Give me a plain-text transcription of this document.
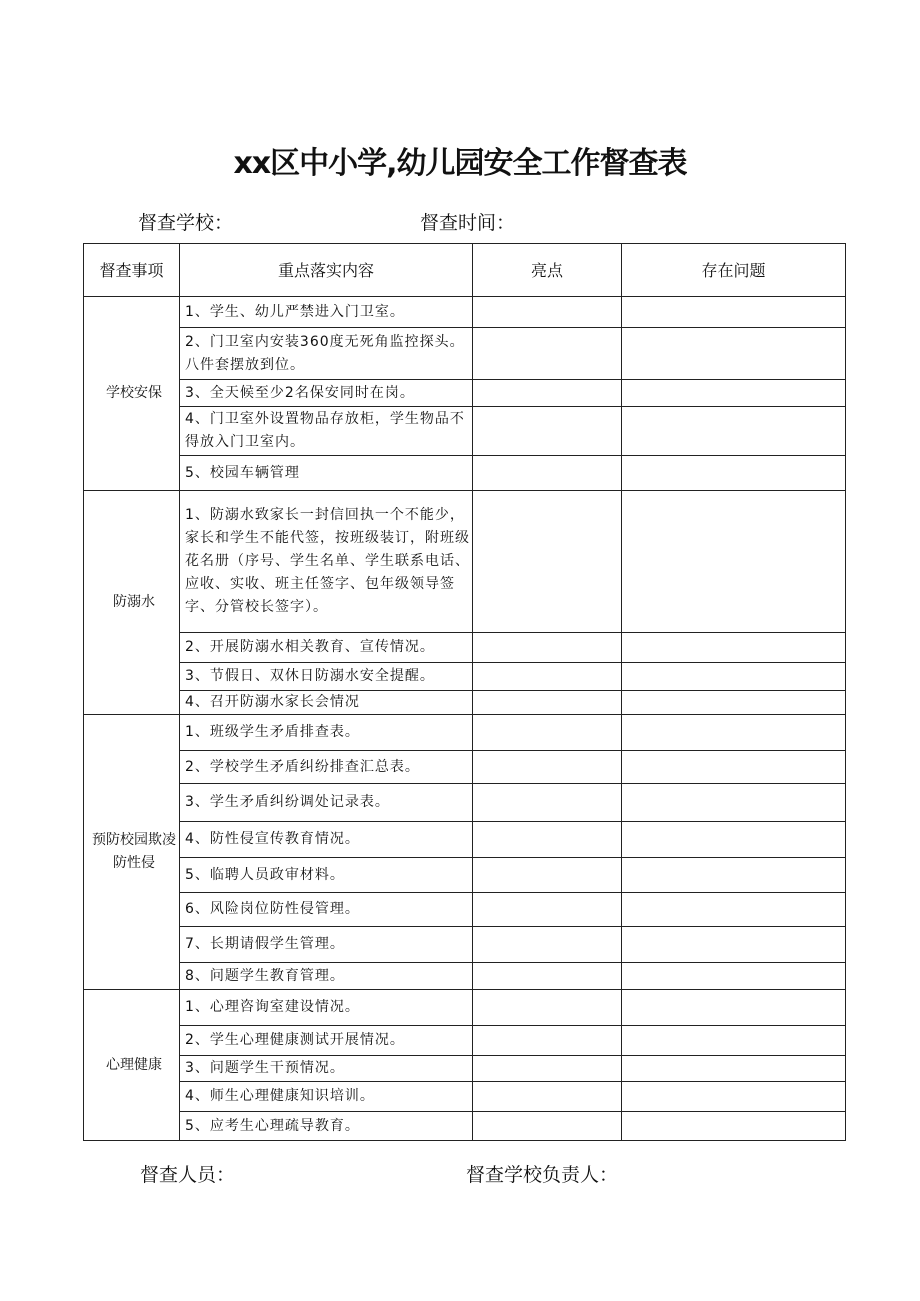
xx区中小学,幼儿园安全工作督查表
督查学校：	督查时间：
督查事项	重点落实内容	亮点	存在问题
学校安保	1、学生、幼儿严禁进入门卫室。		
	2、门卫室内安装360度无死角监控探头。八件套摆放到位。		
	3、全天候至少2名保安同时在岗。		
	4、门卫室外设置物品存放柜，学生物品不得放入门卫室内。		
	5、校园车辆管理		
防溺水	1、防溺水致家长一封信回执一个不能少，家长和学生不能代签，按班级装订，附班级花名册（序号、学生名单、学生联系电话、应收、实收、班主任签字、包年级领导签字、分管校长签字）。		
	2、开展防溺水相关教育、宣传情况。		
	3、节假日、双休日防溺水安全提醒。		
	4、召开防溺水家长会情况		
预防校园欺凌防性侵	1、班级学生矛盾排查表。		
	2、学校学生矛盾纠纷排查汇总表。		
	3、学生矛盾纠纷调处记录表。		
	4、防性侵宣传教育情况。		
	5、临聘人员政审材料。		
	6、风险岗位防性侵管理。		
	7、长期请假学生管理。		
	8、问题学生教育管理。		
心理健康	1、心理咨询室建设情况。		
	2、学生心理健康测试开展情况。		
	3、问题学生干预情况。		
	4、师生心理健康知识培训。		
	5、应考生心理疏导教育。		
督查人员：	督查学校负责人：
